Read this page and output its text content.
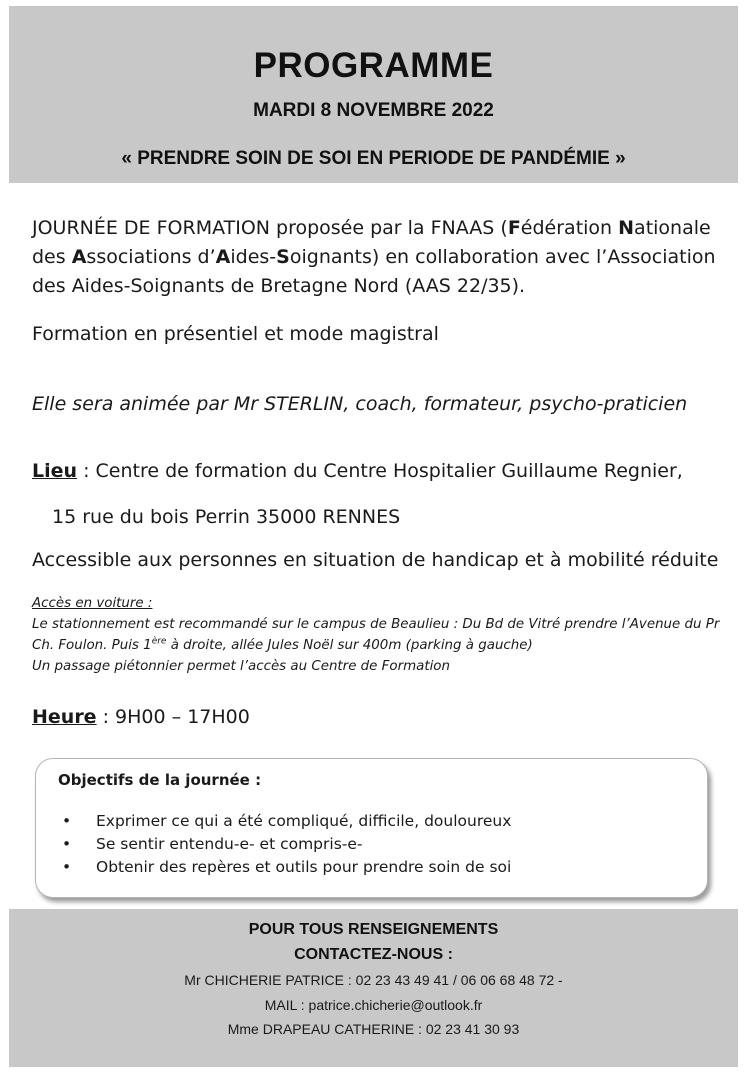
PROGRAMME
MARDI 8 NOVEMBRE 2022
« PRENDRE SOIN DE SOI EN PERIODE DE PANDÉMIE »
JOURNÉE DE FORMATION proposée par la FNAAS (Fédération Nationale des Associations d’Aides-Soignants) en collaboration avec l’Association des Aides-Soignants de Bretagne Nord (AAS 22/35).
Formation en présentiel et mode magistral
Elle sera animée par Mr STERLIN, coach, formateur, psycho-praticien
Lieu : Centre de formation du Centre Hospitalier Guillaume Regnier,
15 rue du bois Perrin 35000 RENNES
Accessible aux personnes en situation de handicap et à mobilité réduite
Accès en voiture :
Le stationnement est recommandé sur le campus de Beaulieu : Du Bd de Vitré prendre l’Avenue du Pr Ch. Foulon. Puis 1ère à droite, allée Jules Noël sur 400m (parking à gauche)
Un passage piétonnier permet l’accès au Centre de Formation
Heure : 9H00 – 17H00
Objectifs de la journée :
• Exprimer ce qui a été compliqué, difficile, douloureux
• Se sentir entendu-e- et compris-e-
• Obtenir des repères et outils pour prendre soin de soi
POUR TOUS RENSEIGNEMENTS
CONTACTEZ-NOUS :
Mr CHICHERIE PATRICE : 02 23 43 49 41 / 06 06 68 48 72 -
MAIL : patrice.chicherie@outlook.fr
Mme DRAPEAU CATHERINE : 02 23 41 30 93
